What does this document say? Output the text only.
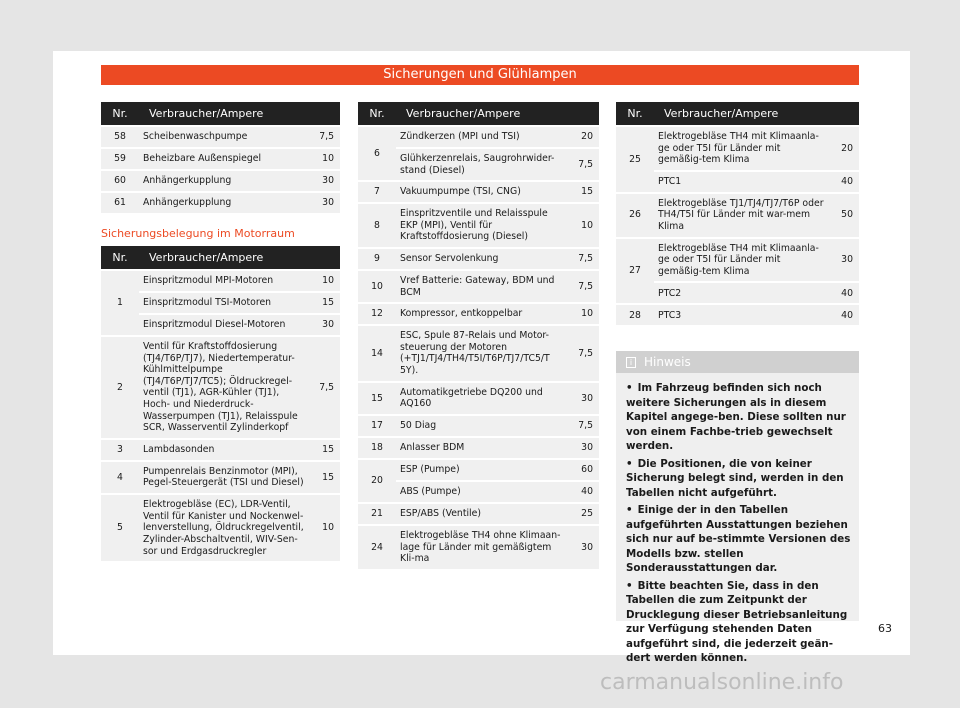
Sicherungen und Glühlampen
Nr.	Verbraucher/Ampere	
58	Scheibenwaschpumpe	7,5
59	Beheizbare Außenspiegel	10
60	Anhängerkupplung	30
61	Anhängerkupplung	30
Sicherungsbelegung im Motorraum
Nr.	Verbraucher/Ampere	
1	Einspritzmodul MPI-Motoren	10
	Einspritzmodul TSI-Motoren	15
	Einspritzmodul Diesel-Motoren	30
2	Ventil für Kraftstoffdosierung (TJ4/T6P/TJ7), Niedertemperatur-Kühlmittelpumpe (TJ4/T6P/TJ7/TC5); Öldruckregel-ventil (TJ1), AGR-Kühler (TJ1), Hoch- und Niederdruck-Wasserpumpen (TJ1), Relaisspule SCR, Wasserventil Zylinderkopf	7,5
3	Lambdasonden	15
4	Pumpenrelais Benzinmotor (MPI), Pegel-Steuergerät (TSI und Diesel)	15
5	Elektrogebläse (EC), LDR-Ventil, Ventil für Kanister und Nockenwel-lenverstellung, Öldruckregelventil, Zylinder-Abschaltventil, WIV-Sen-sor und Erdgasdruckregler	10
Nr.	Verbraucher/Ampere	
6	Zündkerzen (MPI und TSI)	20
	Glühkerzenrelais, Saugrohrwider-stand (Diesel)	7,5
7	Vakuumpumpe (TSI, CNG)	15
8	Einspritzventile und Relaisspule EKP (MPI), Ventil für Kraftstoffdosierung (Diesel)	10
9	Sensor Servolenkung	7,5
10	Vref Batterie: Gateway, BDM und BCM	7,5
12	Kompressor, entkoppelbar	10
14	ESC, Spule 87-Relais und Motor-steuerung der Motoren (+TJ1/TJ4/TH4/T5I/T6P/TJ7/TC5/T 5Y).	7,5
15	Automatikgetriebe DQ200 und AQ160	30
17	50 Diag	7,5
18	Anlasser BDM	30
20	ESP (Pumpe)	60
	ABS (Pumpe)	40
21	ESP/ABS (Ventile)	25
24	Elektrogebläse TH4 ohne Klimaan-lage für Länder mit gemäßigtem Kli-ma	30
Nr.	Verbraucher/Ampere	
25	Elektrogebläse TH4 mit Klimaanla-ge oder T5I für Länder mit gemäßig-tem Klima	20
	PTC1	40
26	Elektrogebläse TJ1/TJ4/TJ7/T6P oder TH4/T5I für Länder mit war-mem Klima	50
27	Elektrogebläse TH4 mit Klimaanla-ge oder T5I für Länder mit gemäßig-tem Klima	30
	PTC2	40
28	PTC3	40
i Hinweis
• Im Fahrzeug befinden sich noch weitere Sicherungen als in diesem Kapitel angege-ben. Diese sollten nur von einem Fachbe-trieb gewechselt werden.
• Die Positionen, die von keiner Sicherung belegt sind, werden in den Tabellen nicht aufgeführt.
• Einige der in den Tabellen aufgeführten Ausstattungen beziehen sich nur auf be-stimmte Versionen des Modells bzw. stellen Sonderausstattungen dar.
• Bitte beachten Sie, dass in den Tabellen die zum Zeitpunkt der Drucklegung dieser Betriebsanleitung zur Verfügung stehenden Daten aufgeführt sind, die jederzeit geän-dert werden können.
63
carmanualsonline.info
